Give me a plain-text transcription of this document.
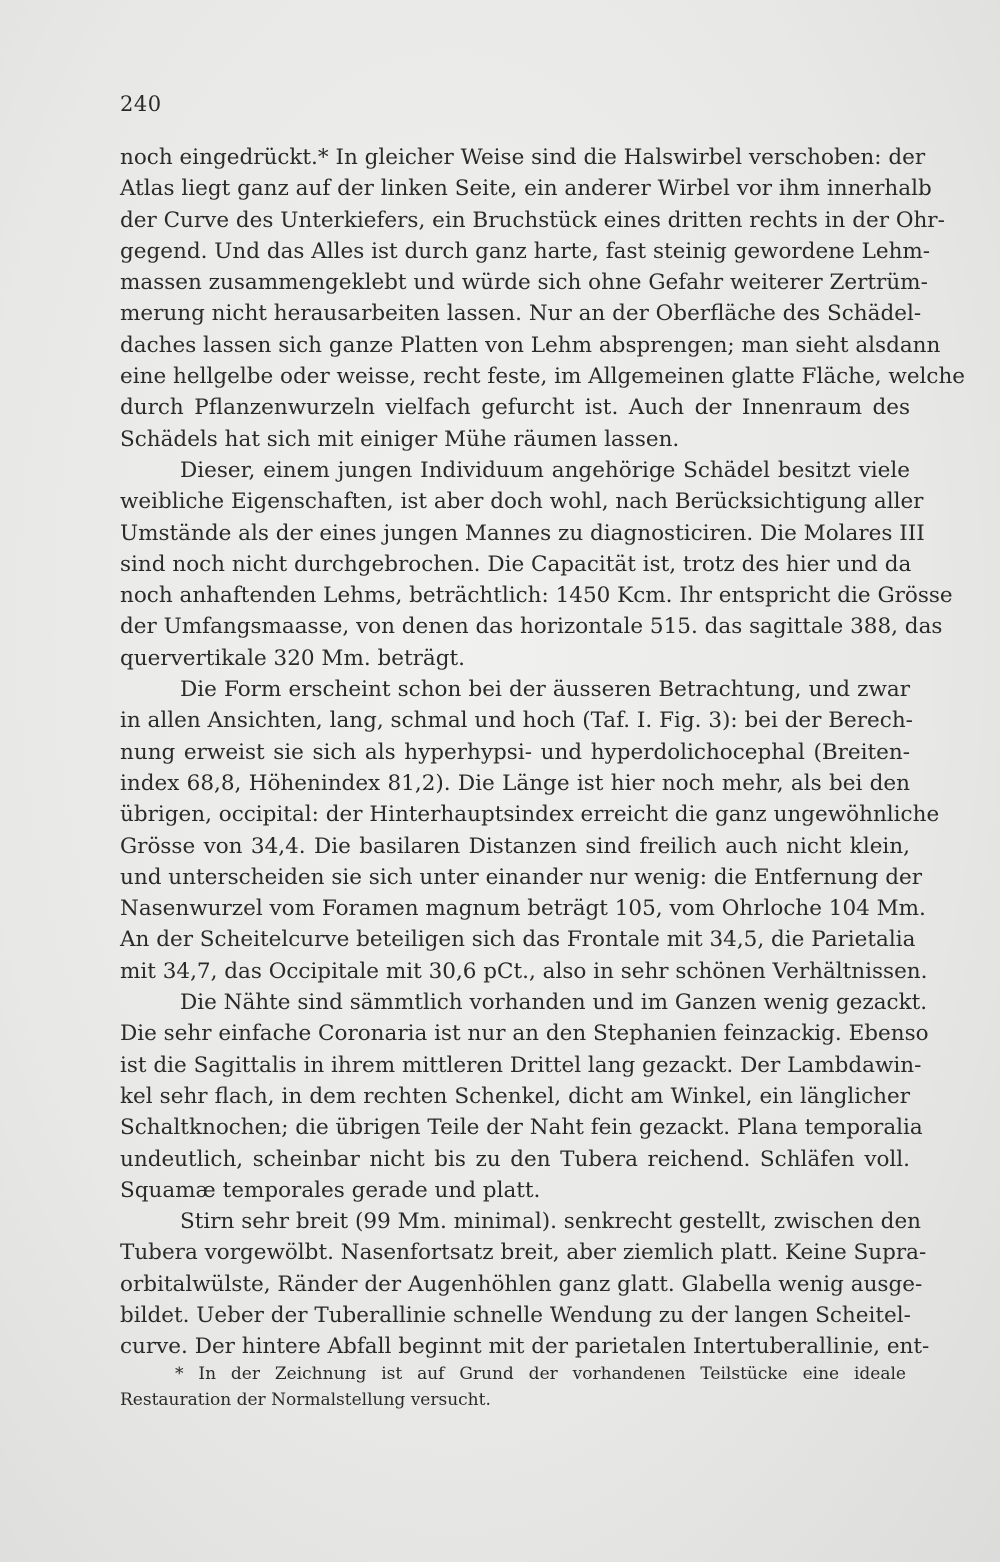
240
noch eingedrückt.* In gleicher Weise sind die Halswirbel verschoben: der
Atlas liegt ganz auf der linken Seite, ein anderer Wirbel vor ihm innerhalb
der Curve des Unterkiefers, ein Bruchstück eines dritten rechts in der Ohr-
gegend. Und das Alles ist durch ganz harte, fast steinig gewordene Lehm-
massen zusammengeklebt und würde sich ohne Gefahr weiterer Zertrüm-
merung nicht herausarbeiten lassen. Nur an der Oberfläche des Schädel-
daches lassen sich ganze Platten von Lehm absprengen; man sieht alsdann
eine hellgelbe oder weisse, recht feste, im Allgemeinen glatte Fläche, welche
durch Pflanzenwurzeln vielfach gefurcht ist. Auch der Innenraum des
Schädels hat sich mit einiger Mühe räumen lassen.
Dieser, einem jungen Individuum angehörige Schädel besitzt viele
weibliche Eigenschaften, ist aber doch wohl, nach Berücksichtigung aller
Umstände als der eines jungen Mannes zu diagnosticiren. Die Molares III
sind noch nicht durchgebrochen. Die Capacität ist, trotz des hier und da
noch anhaftenden Lehms, beträchtlich: 1450 Kcm. Ihr entspricht die Grösse
der Umfangsmaasse, von denen das horizontale 515. das sagittale 388, das
quervertikale 320 Mm. beträgt.
Die Form erscheint schon bei der äusseren Betrachtung, und zwar
in allen Ansichten, lang, schmal und hoch (Taf. I. Fig. 3): bei der Berech-
nung erweist sie sich als hyperhypsi- und hyperdolichocephal (Breiten-
index 68,8, Höhenindex 81,2). Die Länge ist hier noch mehr, als bei den
übrigen, occipital: der Hinterhauptsindex erreicht die ganz ungewöhnliche
Grösse von 34,4. Die basilaren Distanzen sind freilich auch nicht klein,
und unterscheiden sie sich unter einander nur wenig: die Entfernung der
Nasenwurzel vom Foramen magnum beträgt 105, vom Ohrloche 104 Mm.
An der Scheitelcurve beteiligen sich das Frontale mit 34,5, die Parietalia
mit 34,7, das Occipitale mit 30,6 pCt., also in sehr schönen Verhältnissen.
Die Nähte sind sämmtlich vorhanden und im Ganzen wenig gezackt.
Die sehr einfache Coronaria ist nur an den Stephanien feinzackig. Ebenso
ist die Sagittalis in ihrem mittleren Drittel lang gezackt. Der Lambdawin-
kel sehr flach, in dem rechten Schenkel, dicht am Winkel, ein länglicher
Schaltknochen; die übrigen Teile der Naht fein gezackt. Plana temporalia
undeutlich, scheinbar nicht bis zu den Tubera reichend. Schläfen voll.
Squamæ temporales gerade und platt.
Stirn sehr breit (99 Mm. minimal). senkrecht gestellt, zwischen den
Tubera vorgewölbt. Nasenfortsatz breit, aber ziemlich platt. Keine Supra-
orbitalwülste, Ränder der Augenhöhlen ganz glatt. Glabella wenig ausge-
bildet. Ueber der Tuberallinie schnelle Wendung zu der langen Scheitel-
curve. Der hintere Abfall beginnt mit der parietalen Intertuberallinie, ent-
* In der Zeichnung ist auf Grund der vorhandenen Teilstücke eine ideale
Restauration der Normalstellung versucht.
